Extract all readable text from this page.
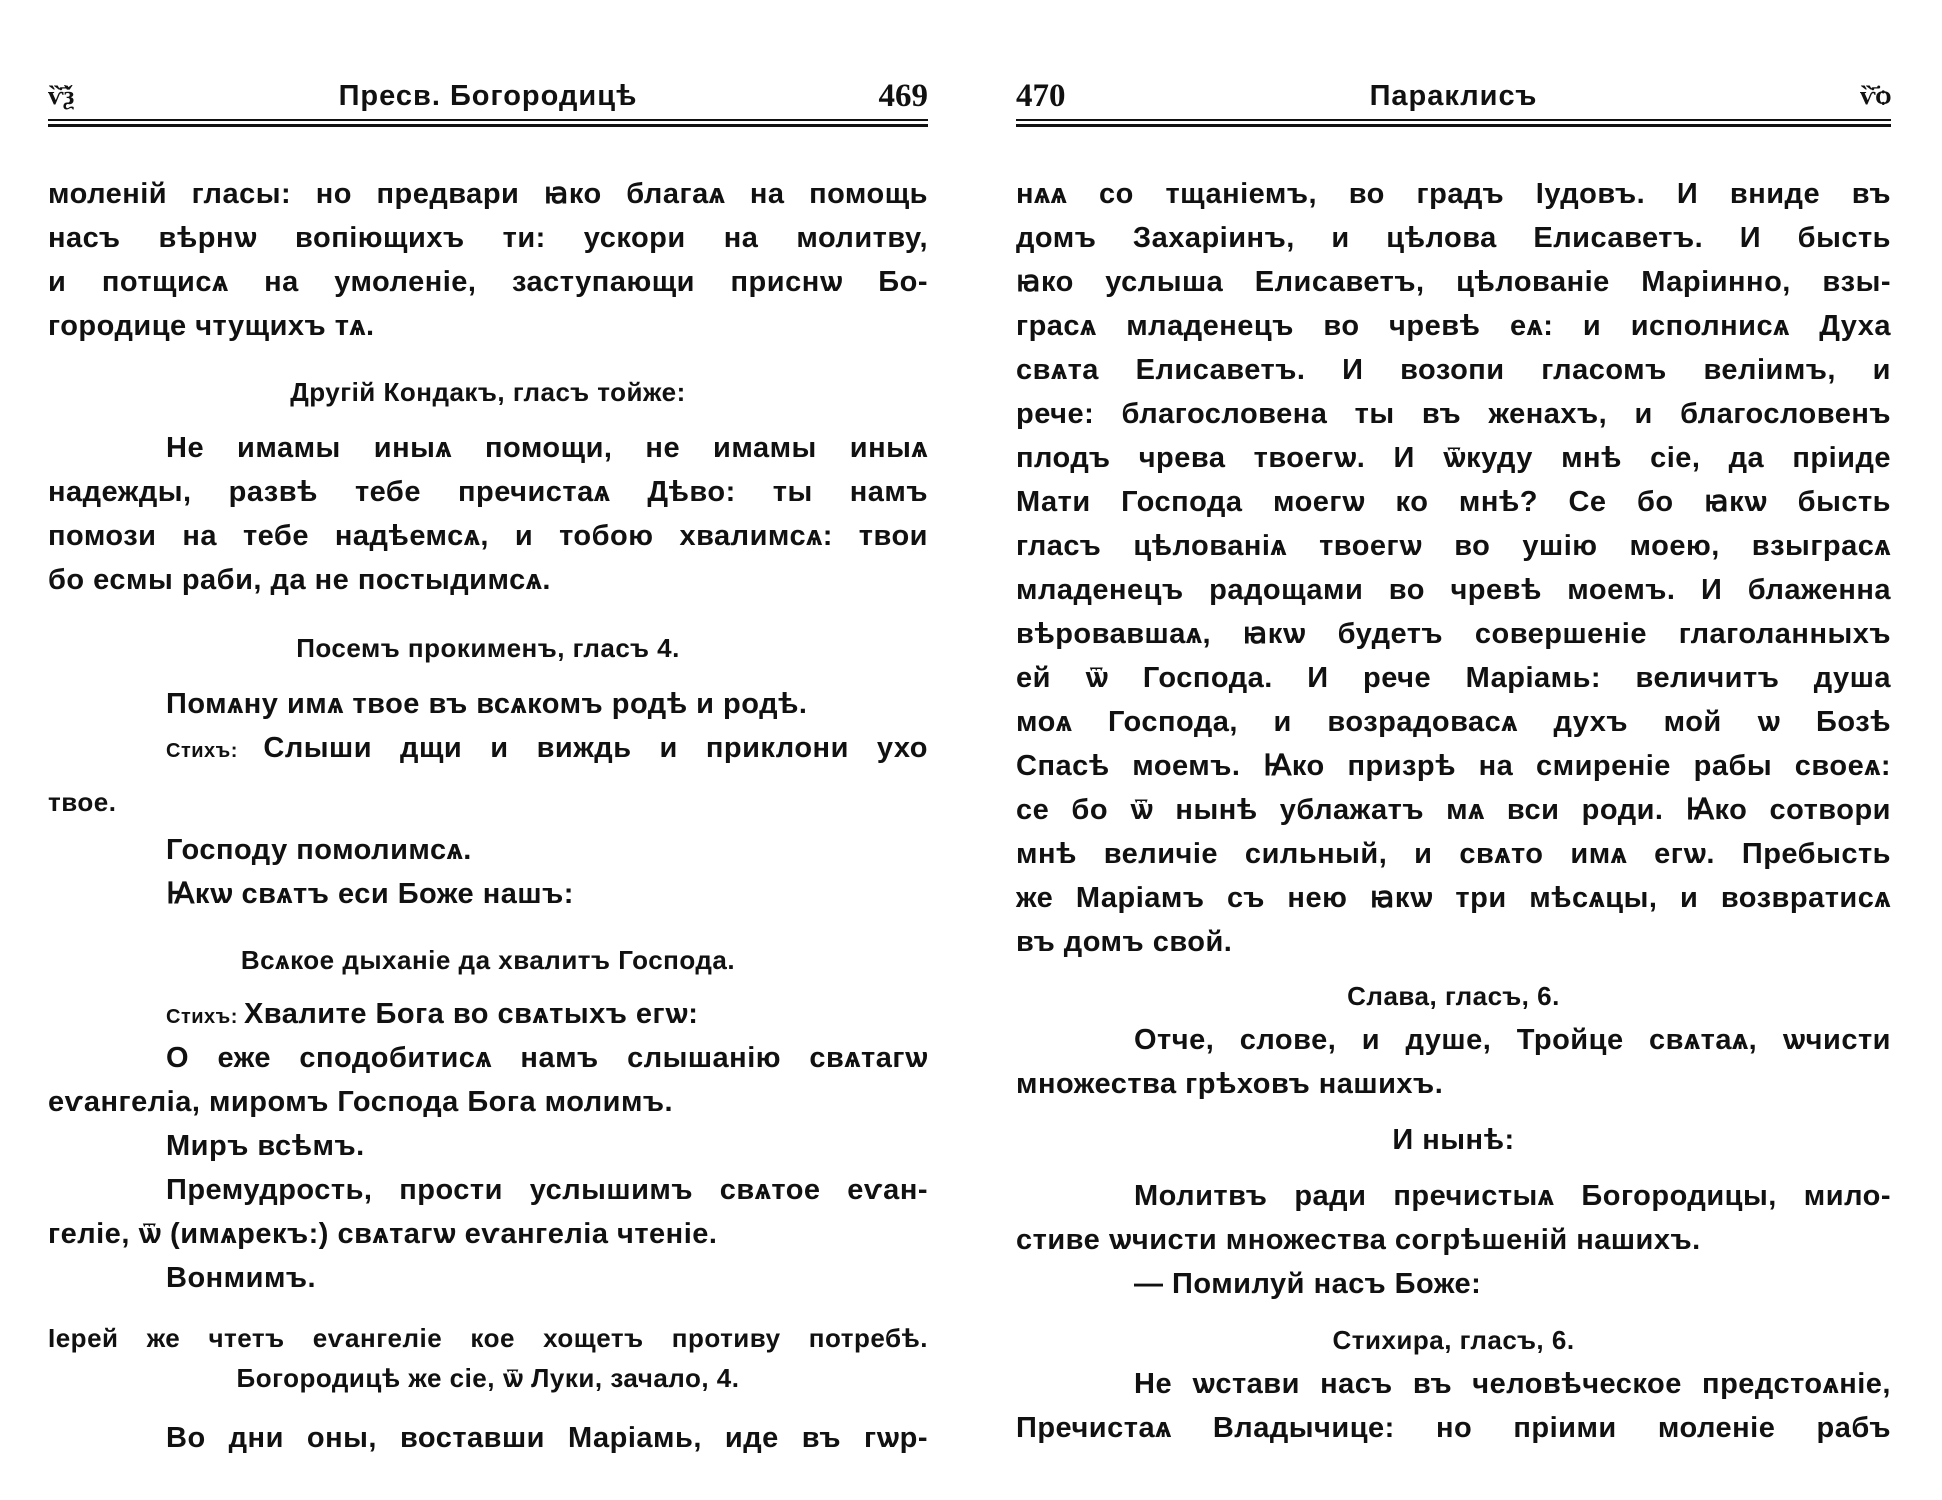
ѷ҃ѯ	Пресв. Богородицѣ	469
моленій гласы: но предвари ꙗко благаѧ на помощь
насъ вѣрнѡ вопіющихъ ти: ускори на молитву,
и потщисѧ на умоленіе, заступающи приснѡ Бо-
городице чтущихъ тѧ.
Другій Кондакъ, гласъ тойже:
Не имамы иныѧ помощи, не имамы иныѧ
надежды, развѣ тебе пречистаѧ Дѣво: ты намъ
помози на тебе надѣемсѧ, и тобою хвалимсѧ: твои
бо есмы раби, да не постыдимсѧ.
Посемъ прокименъ, гласъ 4.
Помѧну имѧ твое въ всѧкомъ родѣ и родѣ.
Стихъ: Слыши дщи и виждь и приклони ухо
твое.
Господу помолимсѧ.
Ꙗкѡ свѧтъ еси Боже нашъ:
Всѧкое дыханіе да хвалитъ Господа.
Стихъ: Хвалите Бога во свѧтыхъ егѡ:
О еже сподобитисѧ намъ слышанію свѧтагѡ
еѵангеліа, миромъ Господа Бога молимъ.
Миръ всѣмъ.
Премудрость, прости услышимъ свѧтое еѵан-
геліе, ѿ (имѧрекъ:) свѧтагѡ еѵангеліа чтеніе.
Вонмимъ.
Іерей же чтетъ еѵангеліе кое хощетъ противу потребѣ.
Богородицѣ же сіе, ѿ Луки, зачало, 4.
Во дни оны, воставши Маріамь, иде въ гѡр-
470	Параклисъ	ѷ҃ѻ
нѧѧ со тщаніемъ, во градъ Іудовъ. И вниде въ
домъ Захаріинъ, и цѣлова Елисаветъ. И бысть
ꙗко услыша Елисаветъ, цѣлованіе Маріинно, взы-
грасѧ младенецъ во чревѣ еѧ: и исполнисѧ Духа
свѧта Елисаветъ. И возопи гласомъ веліимъ, и
рече: благословена ты въ женахъ, и благословенъ
плодъ чрева твоегѡ. И ѿкуду мнѣ сіе, да пріиде
Мати Господа моегѡ ко мнѣ? Се бо ꙗкѡ бысть
гласъ цѣлованіѧ твоегѡ во ушію моею, взыграсѧ
младенецъ радощами во чревѣ моемъ. И блаженна
вѣровавшаѧ, ꙗкѡ будетъ совершеніе глаголанныхъ
ей ѿ Господа. И рече Маріамь: величитъ душа
моѧ Господа, и возрадовасѧ духъ мой ѡ Бозѣ
Спасѣ моемъ. Ꙗко призрѣ на смиреніе рабы своеѧ:
се бо ѿ нынѣ ублажатъ мѧ вси роди. Ꙗко сотвори
мнѣ величіе сильный, и свѧто имѧ егѡ. Пребысть
же Маріамъ съ нею ꙗкѡ три мѣсѧцы, и возвратисѧ
въ домъ свой.
Слава, гласъ, 6.
Отче, слове, и душе, Тройце свѧтаѧ, ѡчисти
множества грѣховъ нашихъ.
И нынѣ:
Молитвъ ради пречистыѧ Богородицы, мило-
стиве ѡчисти множества согрѣшеній нашихъ.
— Помилуй насъ Боже:
Стихира, гласъ, 6.
Не ѡстави насъ въ человѣческое предстоѧніе,
Пречистаѧ Владычице: но пріими моленіе рабъ
